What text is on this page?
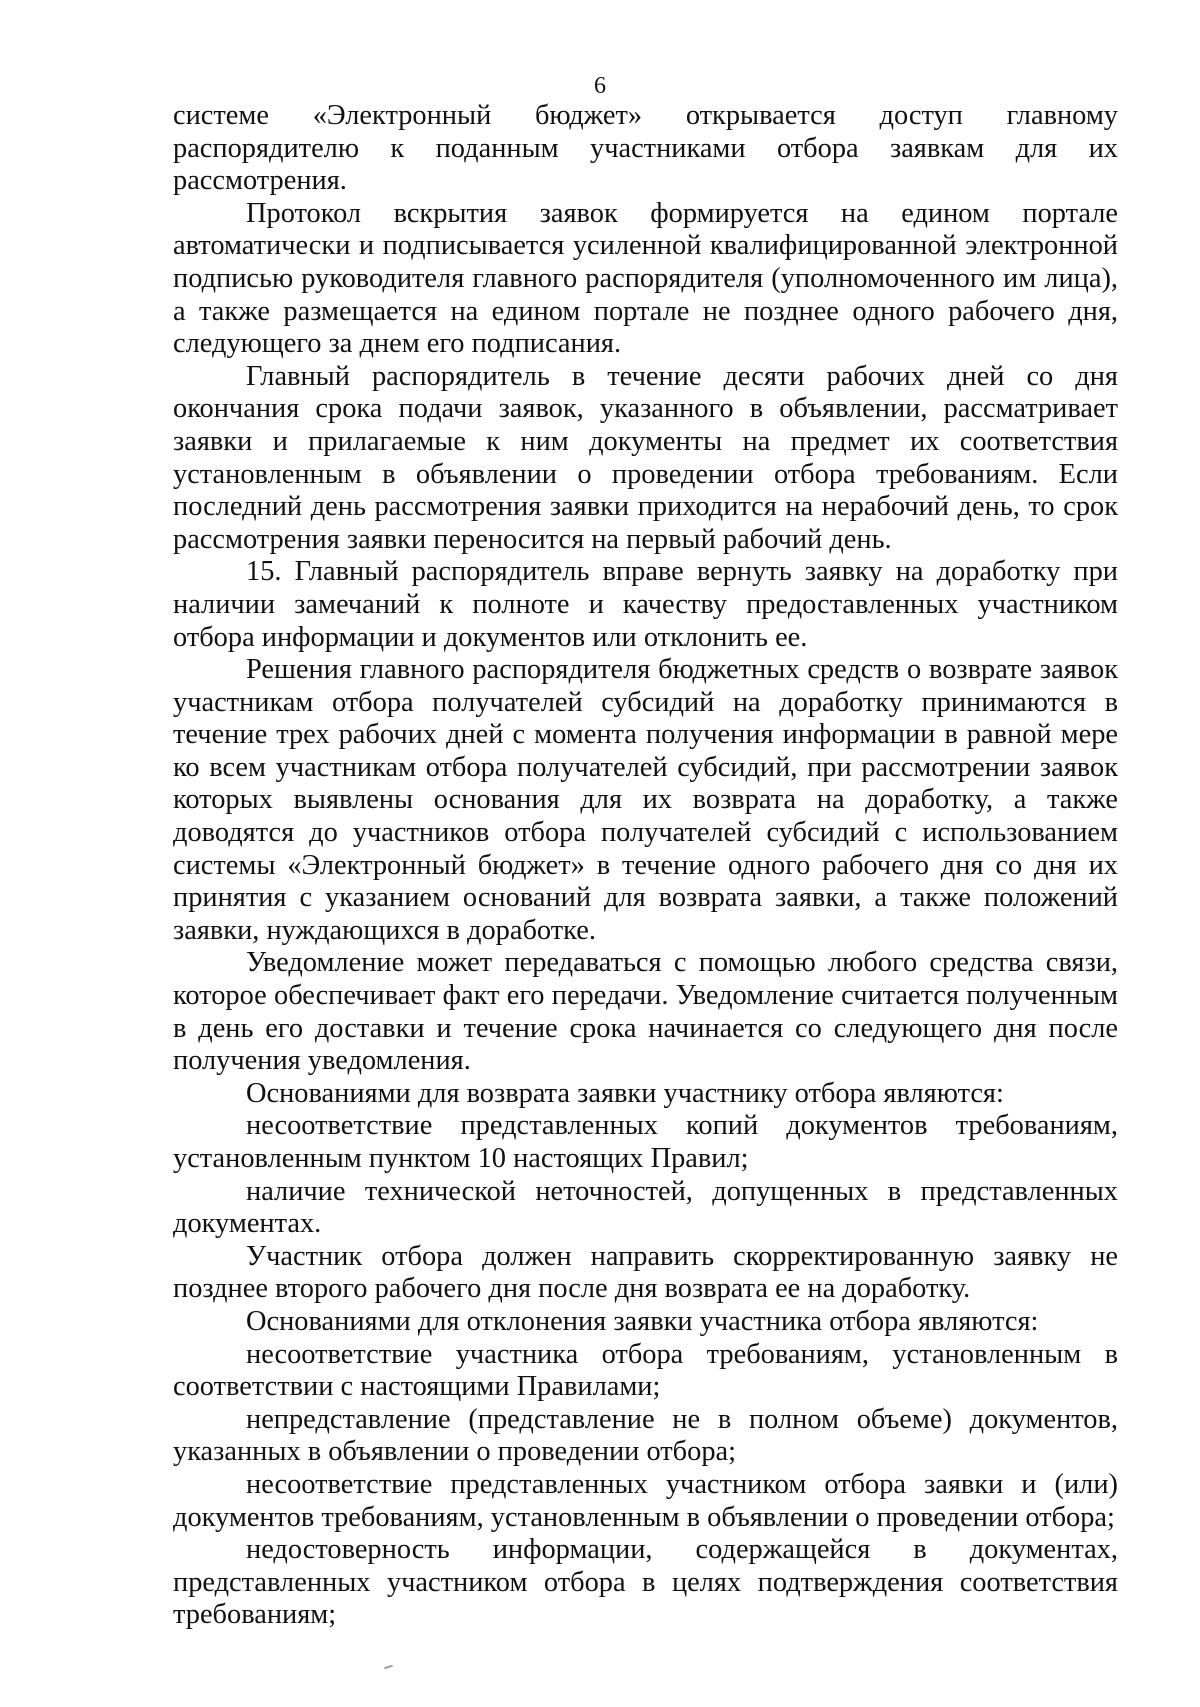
6

системе «Электронный бюджет» открывается доступ главному распорядителю к поданным участниками отбора заявкам для их рассмотрения.

Протокол вскрытия заявок формируется на едином портале автоматически и подписывается усиленной квалифицированной электронной подписью руководителя главного распорядителя (уполномоченного им лица), а также размещается на едином портале не позднее одного рабочего дня, следующего за днем его подписания.

Главный распорядитель в течение десяти рабочих дней со дня окончания срока подачи заявок, указанного в объявлении, рассматривает заявки и прилагаемые к ним документы на предмет их соответствия установленным в объявлении о проведении отбора требованиям. Если последний день рассмотрения заявки приходится на нерабочий день, то срок рассмотрения заявки переносится на первый рабочий день.

15. Главный распорядитель вправе вернуть заявку на доработку при наличии замечаний к полноте и качеству предоставленных участником отбора информации и документов или отклонить ее.

Решения главного распорядителя бюджетных средств о возврате заявок участникам отбора получателей субсидий на доработку принимаются в течение трех рабочих дней с момента получения информации в равной мере ко всем участникам отбора получателей субсидий, при рассмотрении заявок которых выявлены основания для их возврата на доработку, а также доводятся до участников отбора получателей субсидий с использованием системы «Электронный бюджет» в течение одного рабочего дня со дня их принятия с указанием оснований для возврата заявки, а также положений заявки, нуждающихся в доработке.

Уведомление может передаваться с помощью любого средства связи, которое обеспечивает факт его передачи. Уведомление считается полученным в день его доставки и течение срока начинается со следующего дня после получения уведомления.

Основаниями для возврата заявки участнику отбора являются:

несоответствие представленных копий документов требованиям, установленным пунктом 10 настоящих Правил;

наличие технической неточностей, допущенных в представленных документах.

Участник отбора должен направить скорректированную заявку не позднее второго рабочего дня после дня возврата ее на доработку.

Основаниями для отклонения заявки участника отбора являются:

несоответствие участника отбора требованиям, установленным в соответствии с настоящими Правилами;

непредставление (представление не в полном объеме) документов, указанных в объявлении о проведении отбора;

несоответствие представленных участником отбора заявки и (или) документов требованиям, установленным в объявлении о проведении отбора;

недостоверность информации, содержащейся в документах, представленных участником отбора в целях подтверждения соответствия требованиям;
